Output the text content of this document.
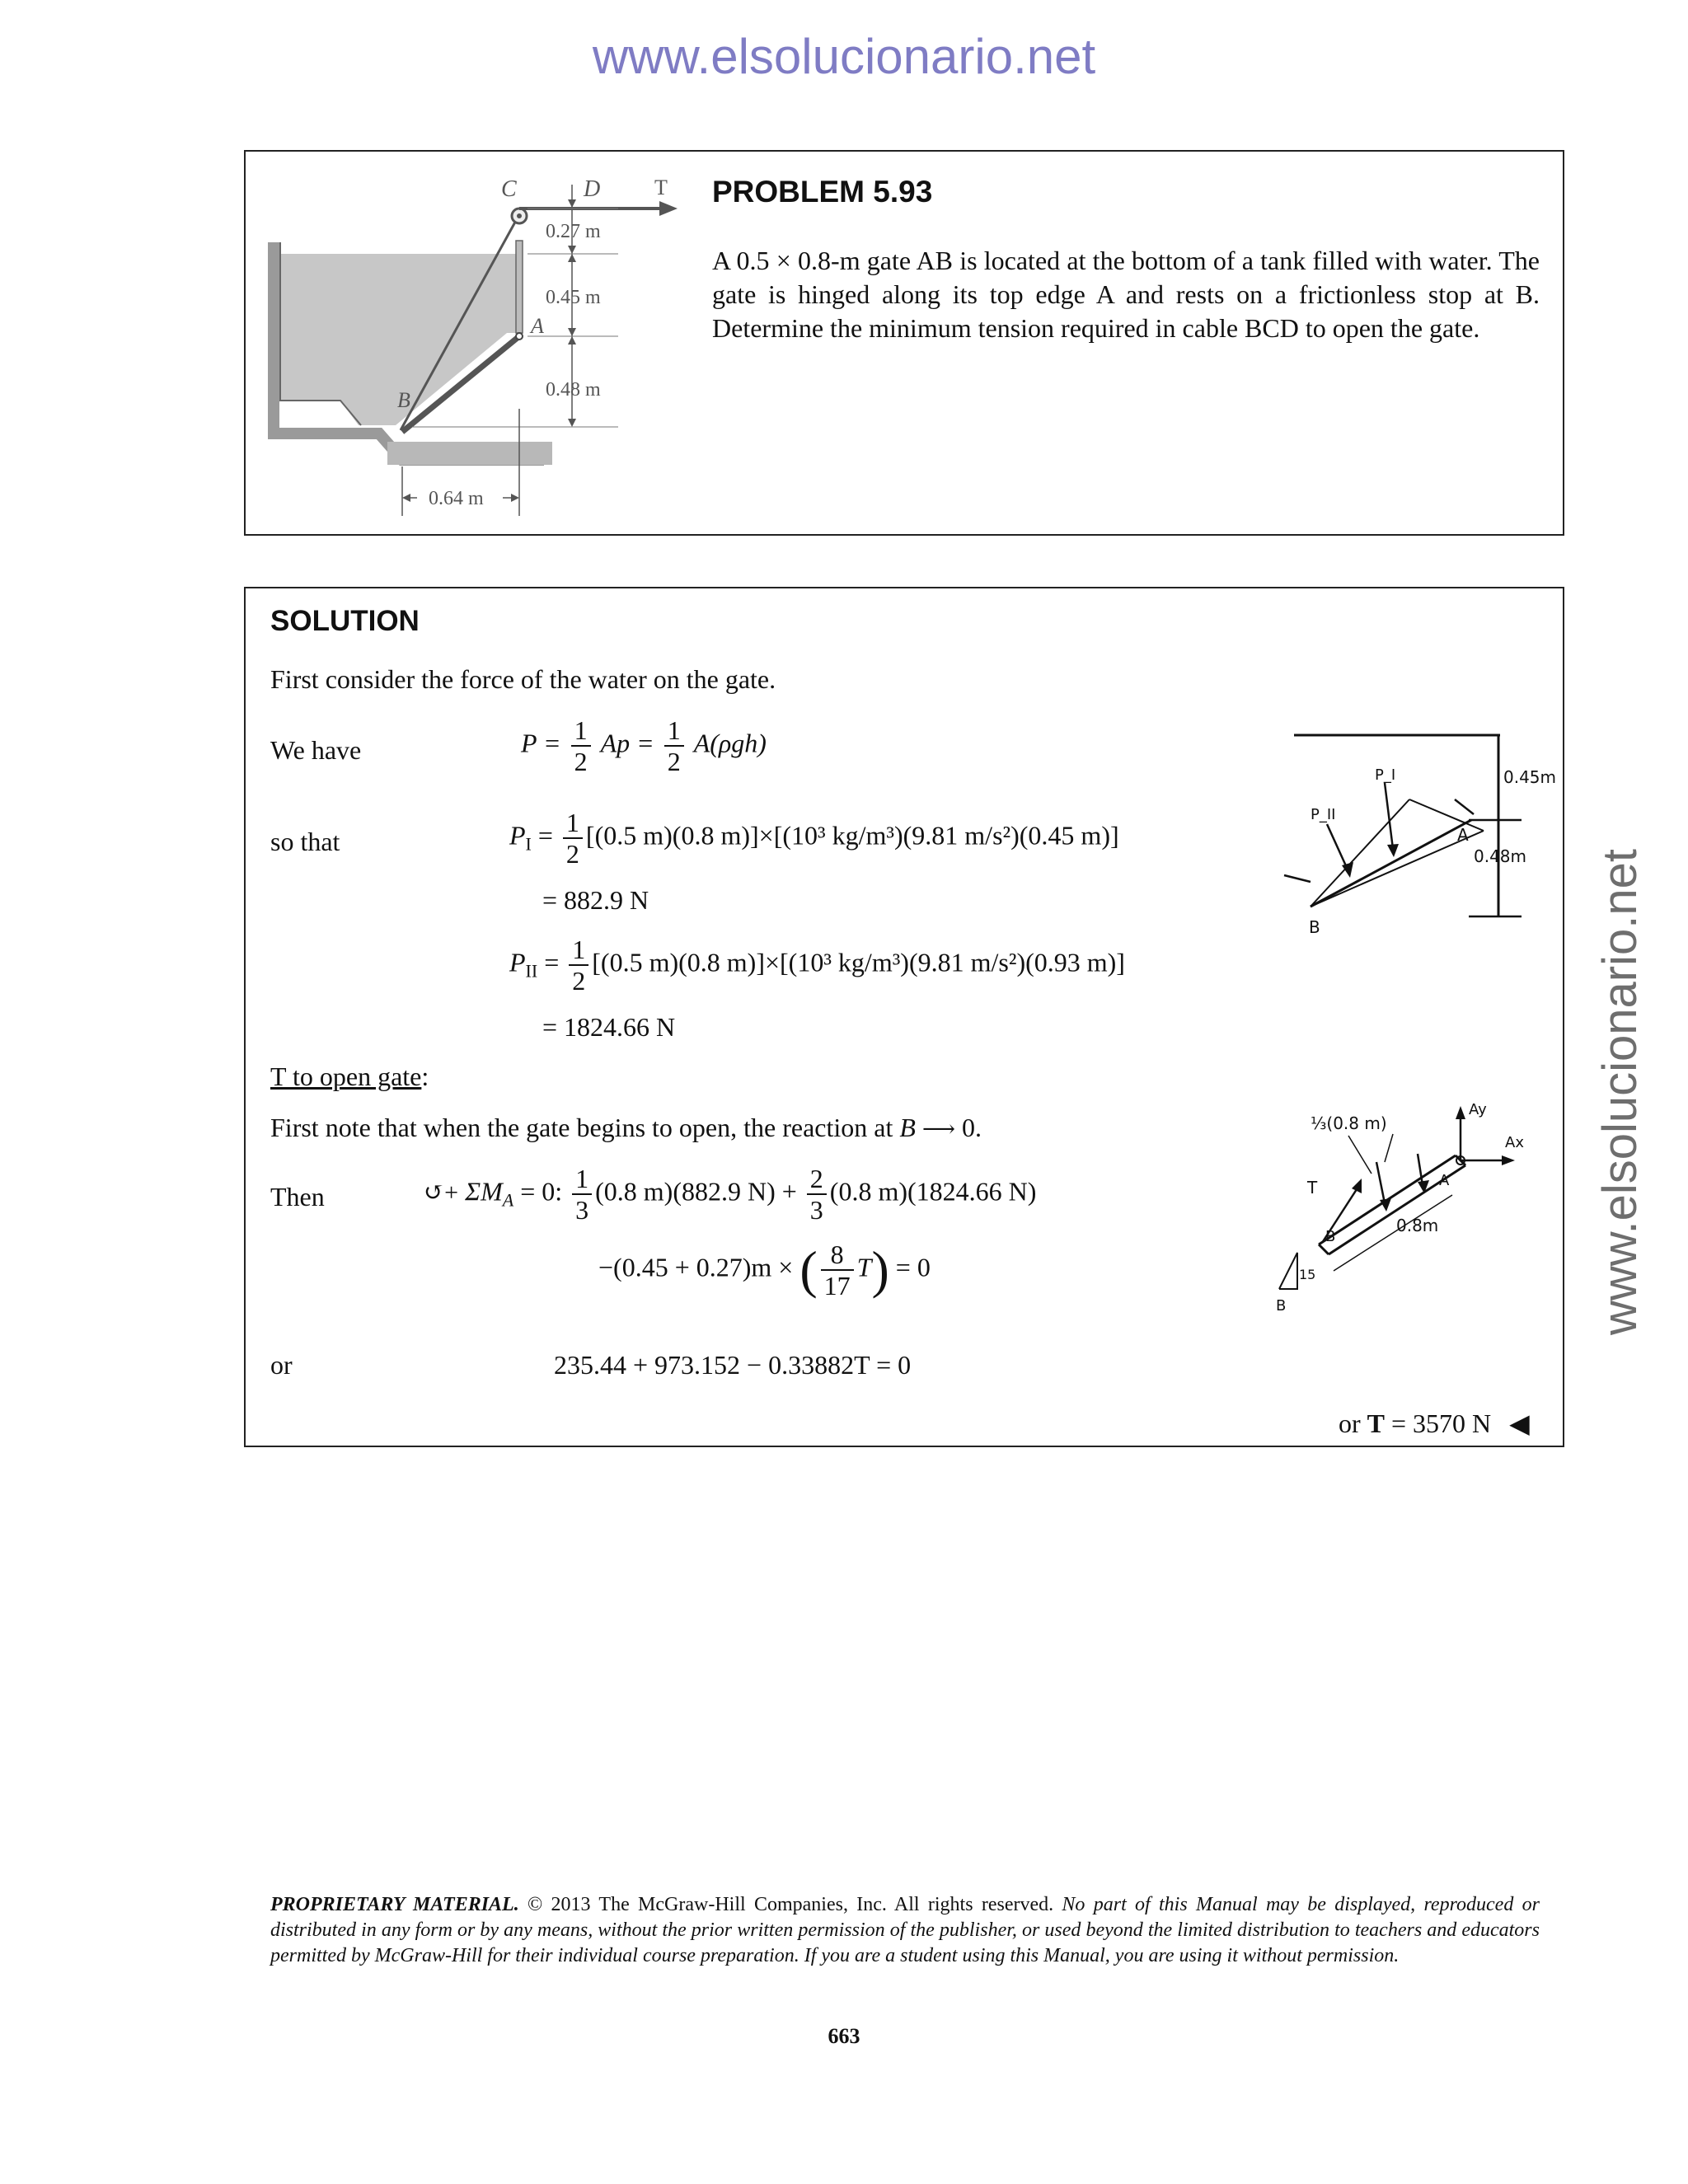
www.elsolucionario.net
www.elsolucionario.net
C	D	T
A
B
0.27 m
0.45 m
0.48 m
0.64 m
PROBLEM 5.93
A 0.5 × 0.8-m gate AB is located at the bottom of a tank filled with water. The gate is hinged along its top edge A and rests on a frictionless stop at B. Determine the minimum tension required in cable BCD to open the gate.
SOLUTION
First consider the force of the water on the gate.
We have	$P = \frac{1}{2}$ $Ap = \frac{1}{2} A(\rho gh)$
so that	$P_I = \frac{1}{2} [(0.5$ m)(0.8 m)]×[(10³ kg/m³)(9.81 m/s²)(0.45 m)]
= 882.9 N
$P_{II} = \frac{1}{2} [(0.5$ m)(0.8 m)]×[(10³ kg/m³)(9.81 m/s²)(0.93 m)]
= 1824.66 N
T to open gate:
First note that when the gate begins to open, the reaction at B ⟶ 0.
Then	↺+ $\Sigma M_A = 0$: $\frac{1}{3} (0.8$ m)(882.9 $N) + \frac{2}{3} (0.8$ m)(1824.66 N)
−(0.45 + 0.27)m × ( $\frac{8}{17} T) = 0$
or	235.44 + 973.152 − 0.33882T = 0
or T = 3570 N ◀
0.45m
0.48m
P_I
P_II
A
B
⅓(0.8 m)
Ay
Ax
A
T
B
0.8m
15
B
PROPRIETARY MATERIAL. © 2013 The McGraw-Hill Companies, Inc. All rights reserved. No part of this Manual may be displayed, reproduced or distributed in any form or by any means, without the prior written permission of the publisher, or used beyond the limited distribution to teachers and educators permitted by McGraw-Hill for their individual course preparation. If you are a student using this Manual, you are using it without permission.
663
